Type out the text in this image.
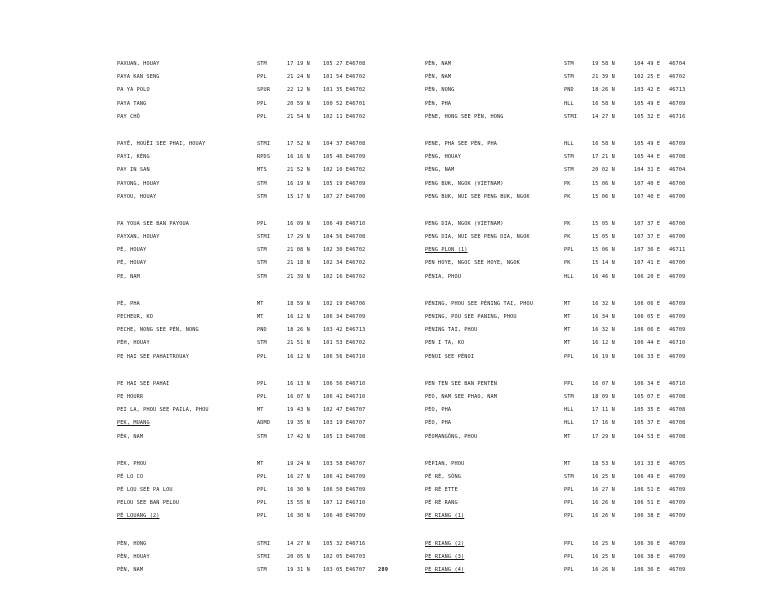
PAXUAN, HOUAY	STM	17 19 N	105 27 E 46708
PAYA KAN SENG	PPL	21 24 N	101 54 E 46702
PA YA POLO	SPUR	22 12 N	101 35 E 46702
PAYA TANG	PPL	20 59 N	100 52 E 46701
PAY CHÔ	PPL	21 54 N	102 11 E 46702
PAYÊ, HOUÊI SEE PHAI, HOUAY	STMI	17 52 N	104 37 E 46708
PAYI, KÈNG	RPDS	16 16 N	105 46 E 46709
PAY IN SAN	MTS	21 52 N	102 10 E 46702
PAYONG, HOUAY	STM	16 19 N	105 19 E 46709
PAYOU, HOUAY	STM	15 17 N	107 27 E 46700
PA YOUA SEE BAN PAYOUA	PPL	16 09 N	106 49 E 46710
PAYXAN, HOUAY	STMI	17 29 N	104 56 E 46708
PÉ, HOUAY	STM	21 08 N	102 30 E 46702
PÉ, HOUAY	STM	21 18 N	102 34 E 46702
PE, NAM	STM	21 39 N	102 16 E 46702
PÈ, PHA	MT	18 59 N	102 19 E 46706
PECHEUR, KO	MT	16 12 N	106 34 E 46709
PECHE, NONG SEE PÈN, NONG	PND	18 26 N	103 42 E 46713
PÈH, HOUAY	STM	21 51 N	101 53 E 46702
PE HAI SEE PAHAITROUAY	PPL	16 12 N	106 56 E 46710
PE HAI SEE PAHAI	PPL	16 13 N	106 56 E 46710
PE HOURR	PPL	16 07 N	106 41 E 46710
PEI LA, PHOU SEE PAILA, PHOU	MT	19 43 N	102 47 E 46707
PEK, MUANG	ADMD	19 35 N	103 19 E 46707
PÈK, NAM	STM	17 42 N	105 13 E 46708
PÈK, PHOU	MT	19 24 N	103 58 E 46707
PÉ LO CO	PPL	16 27 N	106 41 E 46709
PÉ LOU SEE PA LOU	PPL	16 30 N	106 50 E 46709
PELOU SEE BAN PELOU	PPL	15 55 N	107 12 E 46710
PÉ LOUANG (2)	PPL	16 30 N	106 40 E 46709
PÈN, HONG	STMI	14 27 N	105 32 E 46716
PÈN, HOUAY	STMI	20 05 N	102 05 E 46703
PÈN, NAM	STM	19 31 N	103 05 E 46707
PÈN, NAM	STM	19 58 N	104 49 E 46704
PÈN, NAM	STM	21 39 N	102 25 E 46702
PÈN, NONG	PND	18 26 N	103 42 E 46713
PÈN, PHA	HLL	16 58 N	105 49 E 46709
PÈNE, HONG SEE PÈN, HONG	STMI	14 27 N	105 32 E 46716
PENE, PHA SEE PÈN, PHA	HLL	16 58 N	105 49 E 46709
PÈNG, HOUAY	STM	17 21 N	105 44 E 46708
PÈNG, NAM	STM	20 02 N	104 31 E 46704
PENG BUK, NGOK (VIETNAM)	PK	15 06 N	107 40 E 46700
PENG BUK, NUI SEE PENG BUK, NGOK	PK	15 06 N	107 40 E 46700
PENG DIA, NGOK (VIETNAM)	PK	15 05 N	107 37 E 46700
PENG DIA, NUI SEE PENG DIA, NGOK	PK	15 05 N	107 37 E 46700
PENG PLON (1)	PPL	15 06 N	107 36 E 46711
PEN HOYE, NGOC SEE HOYE, NGOK	PK	15 14 N	107 41 E 46700
PÉNIA, PHOU	HLL	16 46 N	106 20 E 46709
PÉNING, PHOU SEE PÉNING TAI, PHOU	MT	16 32 N	106 06 E 46709
PENING, POU SEE PANING, PHOU	MT	16 34 N	106 05 E 46709
PÉNING TAI, PHOU	MT	16 32 N	106 06 E 46709
PEN I TA, KO	MT	16 12 N	106 44 E 46710
PENOI SEE PÉNOI	PPL	16 19 N	106 33 E 46709
PEN TEN SEE BAN PENTÈN	PPL	16 07 N	106 34 E 46710
PEO, NAM SEE PHAO, NAM	STM	18 09 N	105 07 E 46708
PÉO, PHA	HLL	17 11 N	105 35 E 46708
PÉO, PHA	HLL	17 16 N	105 37 E 46708
PÉOMANGÔNG, PHOU	MT	17 29 N	104 53 E 46708
PÈPIAN, PHOU	MT	18 53 N	101 33 E 46705
PÉ RÉ, SÒNG	STM	16 25 N	106 49 E 46709
PÉ RÉ ETTE	PPL	16 27 N	106 51 E 46709
PÉ RÉ RANG	PPL	16 26 N	106 51 E 46709
PE RIANG (1)	PPL	16 26 N	106 38 E 46709
PE RIANG (2)	PPL	16 25 N	106 36 E 46709
PE RIANG (3)	PPL	16 25 N	106 38 E 46709
PE RIANG (4)	PPL	16 26 N	106 36 E 46709
289
